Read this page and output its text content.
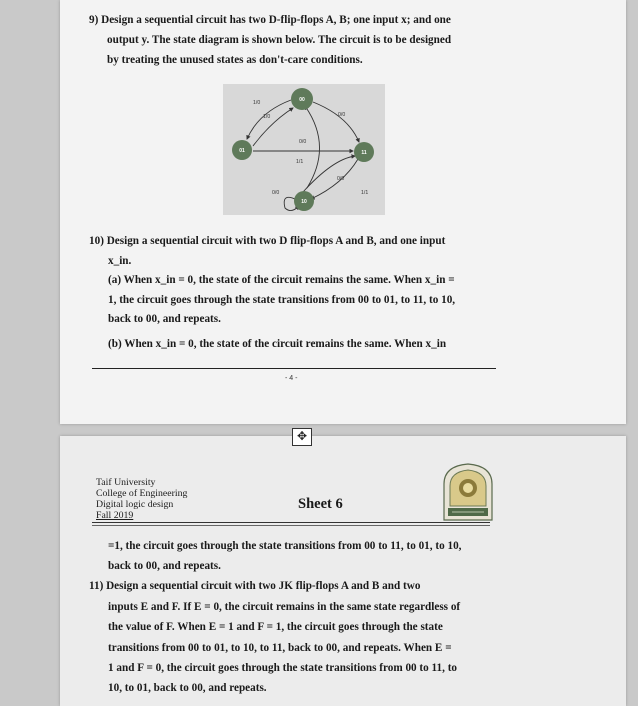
9) Design a sequential circuit has two D-flip-flops A, B; one input x; and one
output y. The state diagram is shown below. The circuit is to be designed
by treating the unused states as don't-care conditions.
00
01	11
10
1/0
1/0	0/0
0/0
1/1
0/0
1/1
0/0
10) Design a sequential circuit with two D flip-flops A and B, and one input
x_in.
(a) When x_in = 0, the state of the circuit remains the same. When x_in =
1, the circuit goes through the state transitions from 00 to 01, to 11, to 10,
back to 00, and repeats.
(b) When x_in = 0, the state of the circuit remains the same. When x_in
- 4 -
✥
Taif University
College of Engineering
Digital logic design
Fall 2019
Sheet 6
=1, the circuit goes through the state transitions from 00 to 11, to 01, to 10,
back to 00, and repeats.
11) Design a sequential circuit with two JK flip-flops A and B and two
inputs E and F. If E = 0, the circuit remains in the same state regardless of
the value of F. When E = 1 and F = 1, the circuit goes through the state
transitions from 00 to 01, to 10, to 11, back to 00, and repeats. When E =
1 and F = 0, the circuit goes through the state transitions from 00 to 11, to
10, to 01, back to 00, and repeats.
